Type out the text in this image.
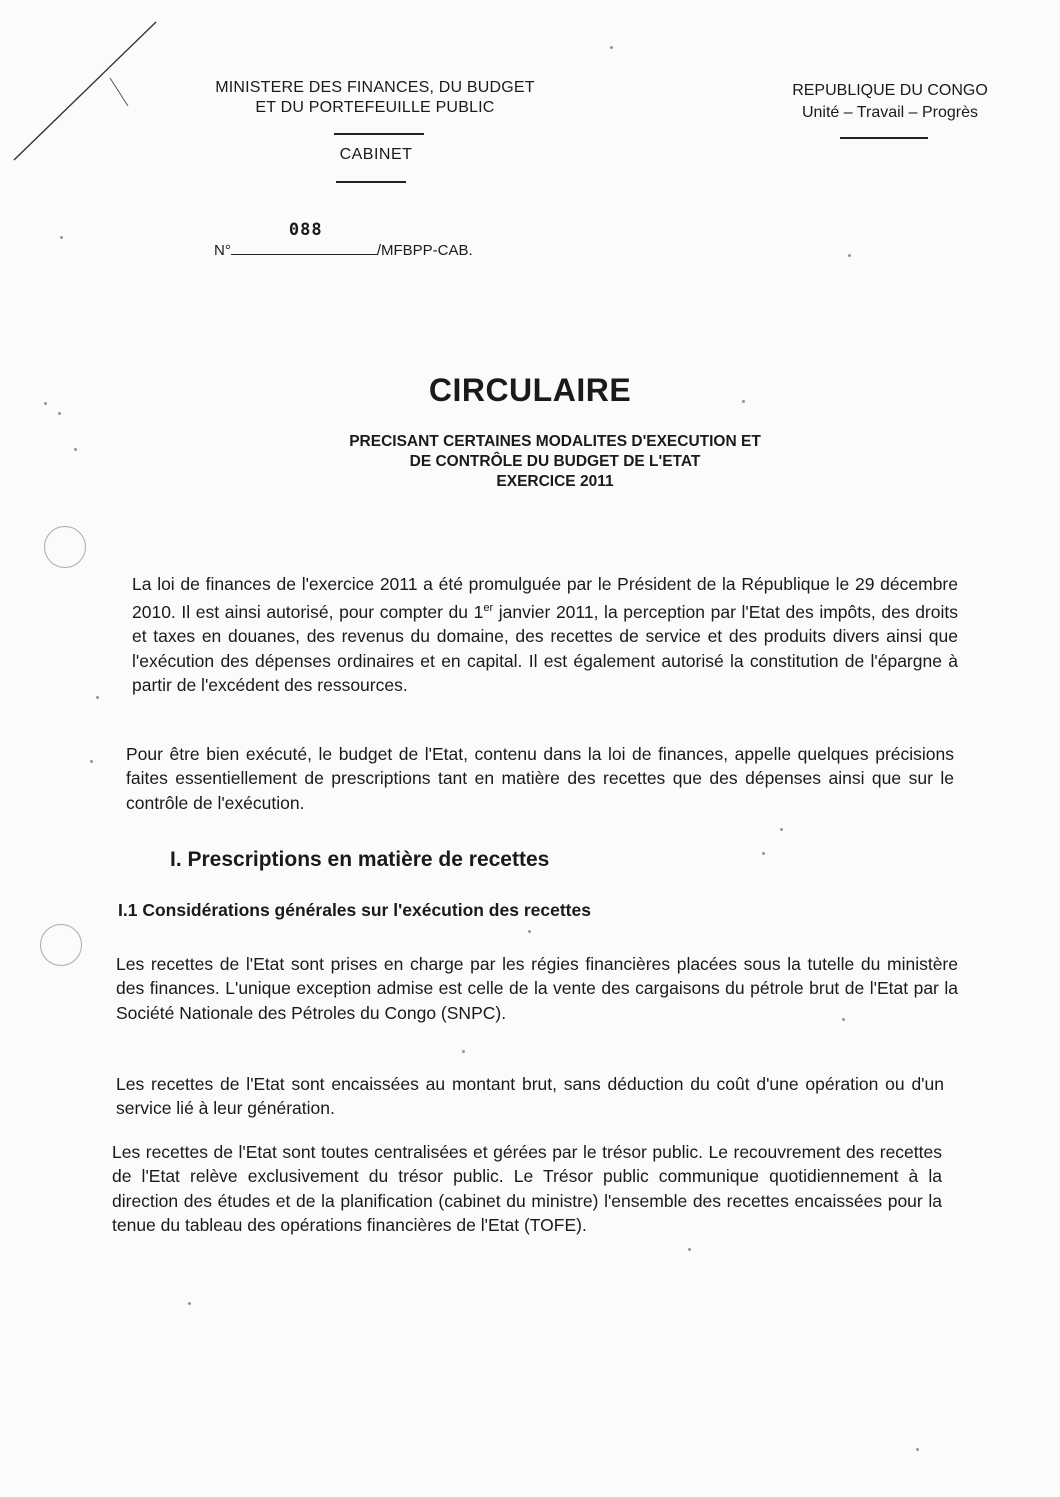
MINISTERE DES FINANCES, DU BUDGET
ET DU PORTEFEUILLE PUBLIC
CABINET
REPUBLIQUE DU CONGO
Unité – Travail – Progrès
N°
088
/MFBPP-CAB.
CIRCULAIRE
PRECISANT CERTAINES MODALITES D'EXECUTION ET
DE CONTRÔLE DU BUDGET DE L'ETAT
EXERCICE 2011

La loi de finances de l'exercice 2011 a été promulguée par le Président de la République le 29 décembre 2010. Il est ainsi autorisé, pour compter du 1er janvier 2011, la perception par l'Etat des impôts, des droits et taxes en douanes, des revenus du domaine, des recettes de service et des produits divers ainsi que l'exécution des dépenses ordinaires et en capital. Il est également autorisé la constitution de l'épargne à partir de l'excédent des ressources.

Pour être bien exécuté, le budget de l'Etat, contenu dans la loi de finances, appelle quelques précisions faites essentiellement de prescriptions tant en matière des recettes que des dépenses ainsi que sur le contrôle de l'exécution.

I. Prescriptions en matière de recettes
I.1 Considérations générales sur l'exécution des recettes

Les recettes de l'Etat sont prises en charge par les régies financières placées sous la tutelle du ministère des finances. L'unique exception admise est celle de la vente des cargaisons du pétrole brut de l'Etat par la Société Nationale des Pétroles du Congo (SNPC).

Les recettes de l'Etat sont encaissées au montant brut, sans déduction du coût d'une opération ou d'un service lié à leur génération.

Les recettes de l'Etat sont toutes centralisées et gérées par le trésor public. Le recouvrement des recettes de l'Etat relève exclusivement du trésor public. Le Trésor public communique quotidiennement à la direction des études et de la planification (cabinet du ministre) l'ensemble des recettes encaissées pour la tenue du tableau des opérations financières de l'Etat (TOFE).
